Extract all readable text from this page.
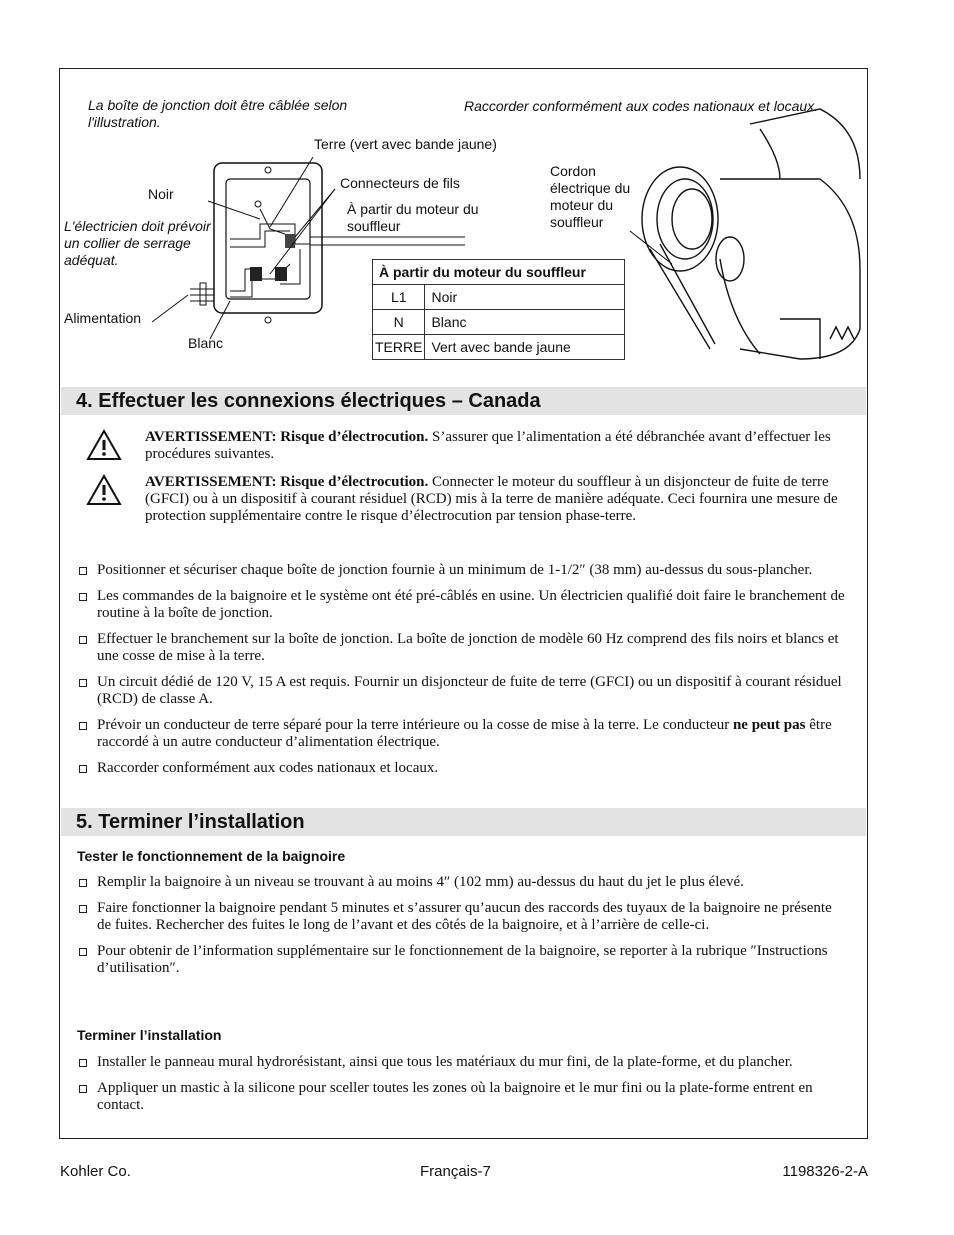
La boîte de jonction doit être câblée selon l'illustration.
Raccorder conformément aux codes nationaux et locaux.
Terre (vert avec bande jaune)
Noir
Connecteurs de fils
À partir du moteur du souffleur
L'électricien doit prévoir un collier de serrage adéquat.
Alimentation
Blanc
Cordon électrique du moteur du souffleur
À partir du moteur du souffleur	
L1	Noir
N	Blanc
TERRE	Vert avec bande jaune
4. Effectuer les connexions électriques – Canada
AVERTISSEMENT: Risque d’électrocution. S’assurer que l’alimentation a été débranchée avant d’effectuer les procédures suivantes.
AVERTISSEMENT: Risque d’électrocution. Connecter le moteur du souffleur à un disjoncteur de fuite de terre (GFCI) ou à un dispositif à courant résiduel (RCD) mis à la terre de manière adéquate. Ceci fournira une mesure de protection supplémentaire contre le risque d’électrocution par tension phase-terre.
Positionner et sécuriser chaque boîte de jonction fournie à un minimum de 1-1/2″ (38 mm) au-dessus du sous-plancher.
Les commandes de la baignoire et le système ont été pré-câblés en usine. Un électricien qualifié doit faire le branchement de routine à la boîte de jonction.
Effectuer le branchement sur la boîte de jonction. La boîte de jonction de modèle 60 Hz comprend des fils noirs et blancs et une cosse de mise à la terre.
Un circuit dédié de 120 V, 15 A est requis. Fournir un disjoncteur de fuite de terre (GFCI) ou un dispositif à courant résiduel (RCD) de classe A.
Prévoir un conducteur de terre séparé pour la terre intérieure ou la cosse de mise à la terre. Le conducteur ne peut pas être raccordé à un autre conducteur d’alimentation électrique.
Raccorder conformément aux codes nationaux et locaux.
5. Terminer l’installation
Tester le fonctionnement de la baignoire
Remplir la baignoire à un niveau se trouvant à au moins 4″ (102 mm) au-dessus du haut du jet le plus élevé.
Faire fonctionner la baignoire pendant 5 minutes et s’assurer qu’aucun des raccords des tuyaux de la baignoire ne présente de fuites. Rechercher des fuites le long de l’avant et des côtés de la baignoire, et à l’arrière de celle-ci.
Pour obtenir de l’information supplémentaire sur le fonctionnement de la baignoire, se reporter à la rubrique ″Instructions d’utilisation″.
Terminer l’installation
Installer le panneau mural hydrorésistant, ainsi que tous les matériaux du mur fini, de la plate-forme, et du plancher.
Appliquer un mastic à la silicone pour sceller toutes les zones où la baignoire et le mur fini ou la plate-forme entrent en contact.
Kohler Co.	Français-7	1198326-2-A
